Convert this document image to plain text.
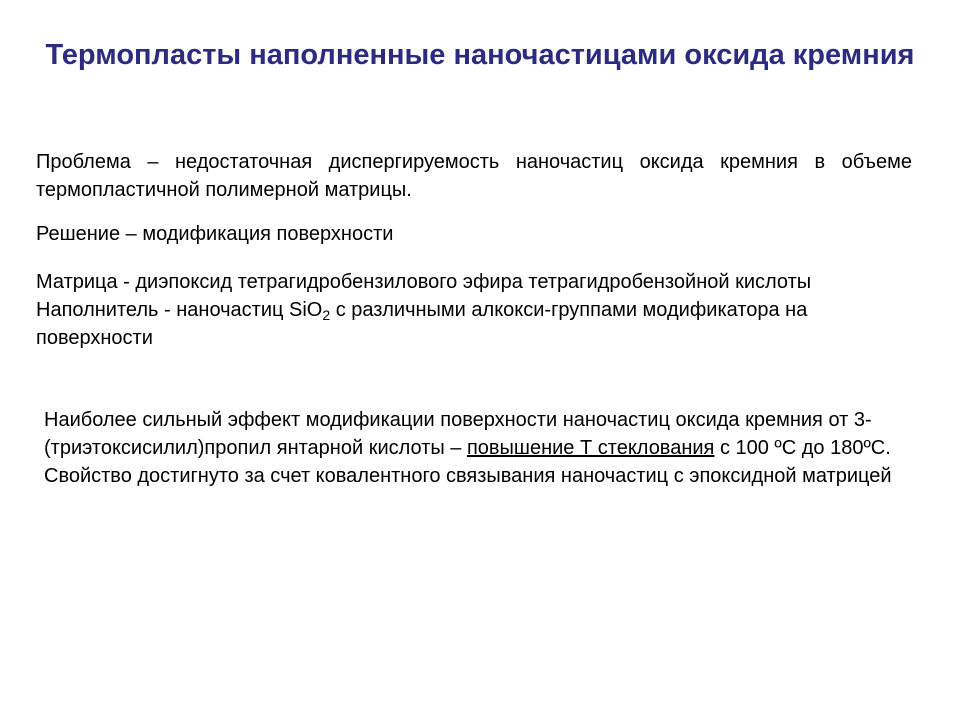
Термопласты наполненные наночастицами оксида кремния

Проблема – недостаточная диспергируемость наночастиц оксида кремния в объеме термопластичной полимерной матрицы.

Решение – модификация поверхности

Матрица - диэпоксид тетрагидробензилового эфира тетрагидробензойной кислоты
Наполнитель - наночастиц SiO$_2$ с различными алкокси-группами модификатора на поверхности

Наиболее сильный эффект модификации поверхности наночастиц оксида кремния от 3-(триэтоксисилил)пропил янтарной кислоты – повышение Т стеклования с 100 ºС до 180ºС. Свойство достигнуто за счет ковалентного связывания наночастиц с эпоксидной матрицей
